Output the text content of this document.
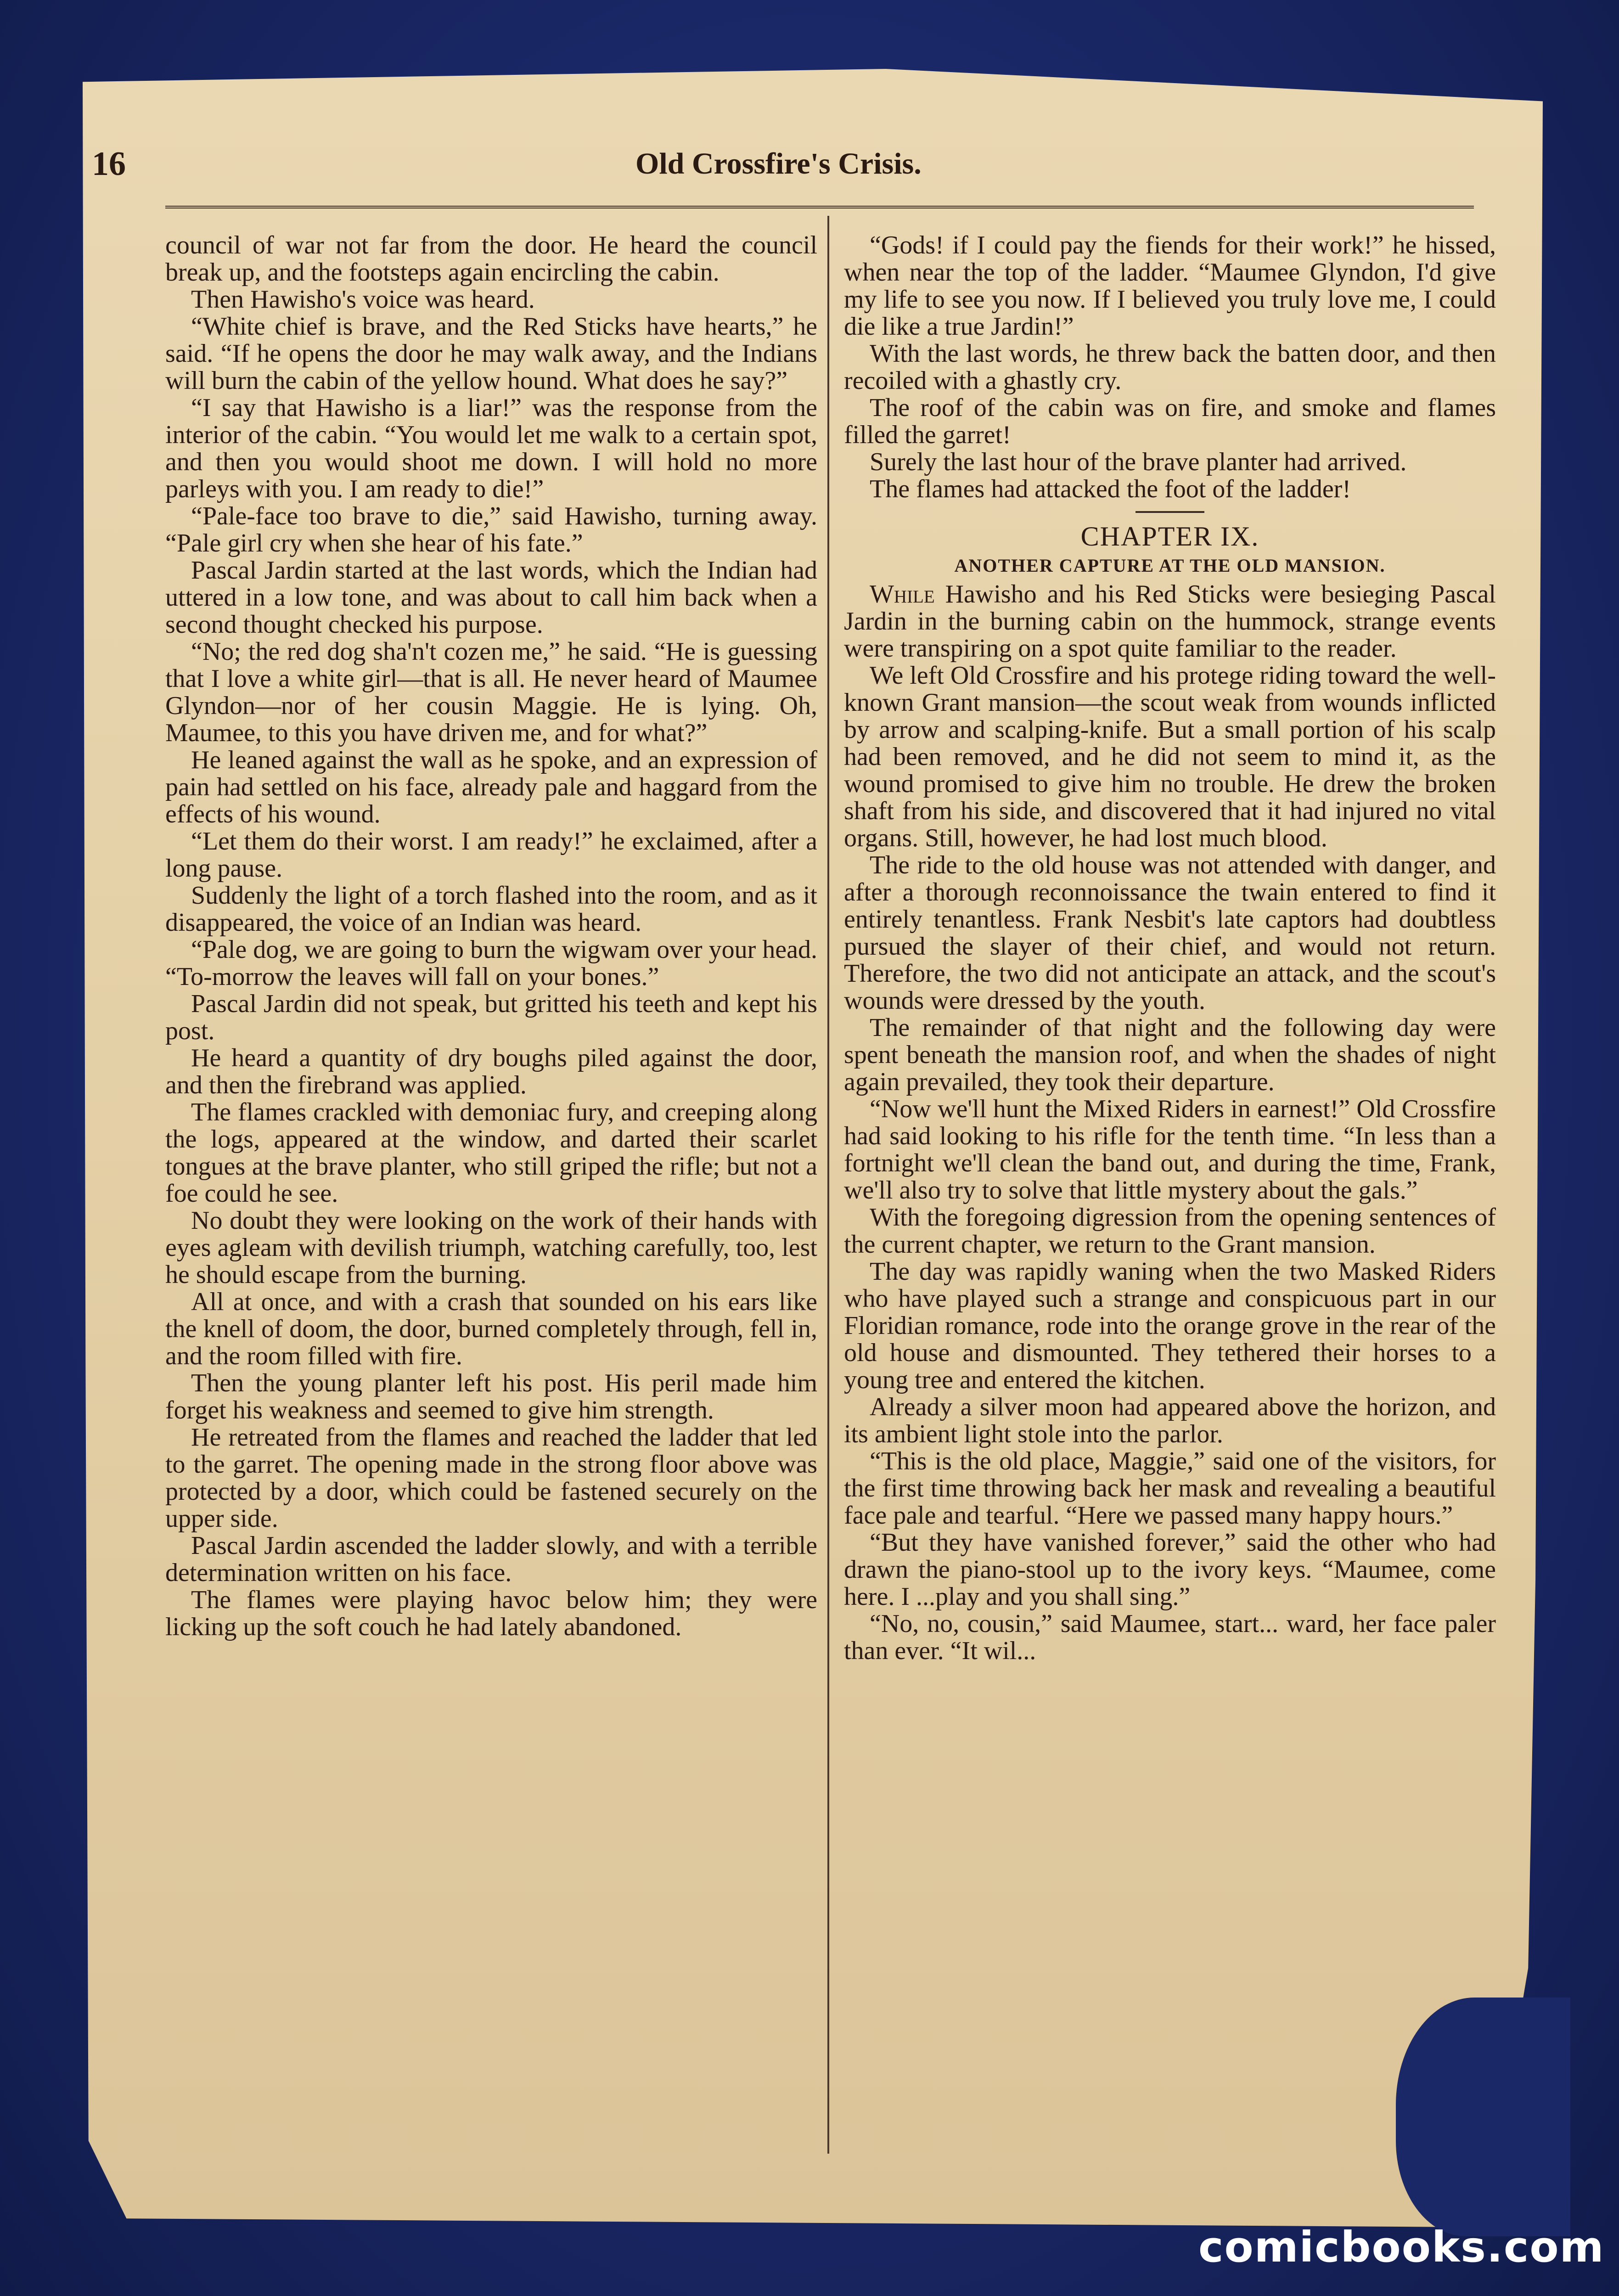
16	Old Crossfire's Crisis.

council of war not far from the door. He heard the council break up, and the footsteps again encircling the cabin.

Then Hawisho's voice was heard.

“White chief is brave, and the Red Sticks have hearts,” he said. “If he opens the door he may walk away, and the Indians will burn the cabin of the yellow hound. What does he say?”

“I say that Hawisho is a liar!” was the response from the interior of the cabin. “You would let me walk to a certain spot, and then you would shoot me down. I will hold no more parleys with you. I am ready to die!”

“Pale-face too brave to die,” said Hawisho, turning away. “Pale girl cry when she hear of his fate.”

Pascal Jardin started at the last words, which the Indian had uttered in a low tone, and was about to call him back when a second thought checked his purpose.

“No; the red dog sha'n't cozen me,” he said. “He is guessing that I love a white girl—that is all. He never heard of Maumee Glyndon—nor of her cousin Maggie. He is lying. Oh, Maumee, to this you have driven me, and for what?”

He leaned against the wall as he spoke, and an expression of pain had settled on his face, already pale and haggard from the effects of his wound.

“Let them do their worst. I am ready!” he exclaimed, after a long pause.

Suddenly the light of a torch flashed into the room, and as it disappeared, the voice of an Indian was heard.

“Pale dog, we are going to burn the wigwam over your head. “To-morrow the leaves will fall on your bones.”

Pascal Jardin did not speak, but gritted his teeth and kept his post.

He heard a quantity of dry boughs piled against the door, and then the firebrand was applied.

The flames crackled with demoniac fury, and creeping along the logs, appeared at the window, and darted their scarlet tongues at the brave planter, who still griped the rifle; but not a foe could he see.

No doubt they were looking on the work of their hands with eyes agleam with devilish triumph, watching carefully, too, lest he should escape from the burning.

All at once, and with a crash that sounded on his ears like the knell of doom, the door, burned completely through, fell in, and the room filled with fire.

Then the young planter left his post. His peril made him forget his weakness and seemed to give him strength.

He retreated from the flames and reached the ladder that led to the garret. The opening made in the strong floor above was protected by a door, which could be fastened securely on the upper side.

Pascal Jardin ascended the ladder slowly, and with a terrible determination written on his face.

The flames were playing havoc below him; they were licking up the soft couch he had lately abandoned.

“Gods! if I could pay the fiends for their work!” he hissed, when near the top of the ladder. “Maumee Glyndon, I'd give my life to see you now. If I believed you truly love me, I could die like a true Jardin!”

With the last words, he threw back the batten door, and then recoiled with a ghastly cry.

The roof of the cabin was on fire, and smoke and flames filled the garret!

Surely the last hour of the brave planter had arrived.

The flames had attacked the foot of the ladder!

CHAPTER IX.
ANOTHER CAPTURE AT THE OLD MANSION.

While Hawisho and his Red Sticks were besieging Pascal Jardin in the burning cabin on the hummock, strange events were transpiring on a spot quite familiar to the reader.

We left Old Crossfire and his protege riding toward the well-known Grant mansion—the scout weak from wounds inflicted by arrow and scalping-knife. But a small portion of his scalp had been removed, and he did not seem to mind it, as the wound promised to give him no trouble. He drew the broken shaft from his side, and discovered that it had injured no vital organs. Still, however, he had lost much blood.

The ride to the old house was not attended with danger, and after a thorough reconnoissance the twain entered to find it entirely tenantless. Frank Nesbit's late captors had doubtless pursued the slayer of their chief, and would not return. Therefore, the two did not anticipate an attack, and the scout's wounds were dressed by the youth.

The remainder of that night and the following day were spent beneath the mansion roof, and when the shades of night again prevailed, they took their departure.

“Now we'll hunt the Mixed Riders in earnest!” Old Crossfire had said looking to his rifle for the tenth time. “In less than a fortnight we'll clean the band out, and during the time, Frank, we'll also try to solve that little mystery about the gals.”

With the foregoing digression from the opening sentences of the current chapter, we return to the Grant mansion.

The day was rapidly waning when the two Masked Riders who have played such a strange and conspicuous part in our Floridian romance, rode into the orange grove in the rear of the old house and dismounted. They tethered their horses to a young tree and entered the kitchen.

Already a silver moon had appeared above the horizon, and its ambient light stole into the parlor.

“This is the old place, Maggie,” said one of the visitors, for the first time throwing back her mask and revealing a beautiful face pale and tearful. “Here we passed many happy hours.”

“But they have vanished forever,” said the other who had drawn the piano-stool up to the ivory keys. “Maumee, come here. I ...play and you shall sing.”

“No, no, cousin,” said Maumee, start... ward, her face paler than ever. “It wil...

comicbooks.com
